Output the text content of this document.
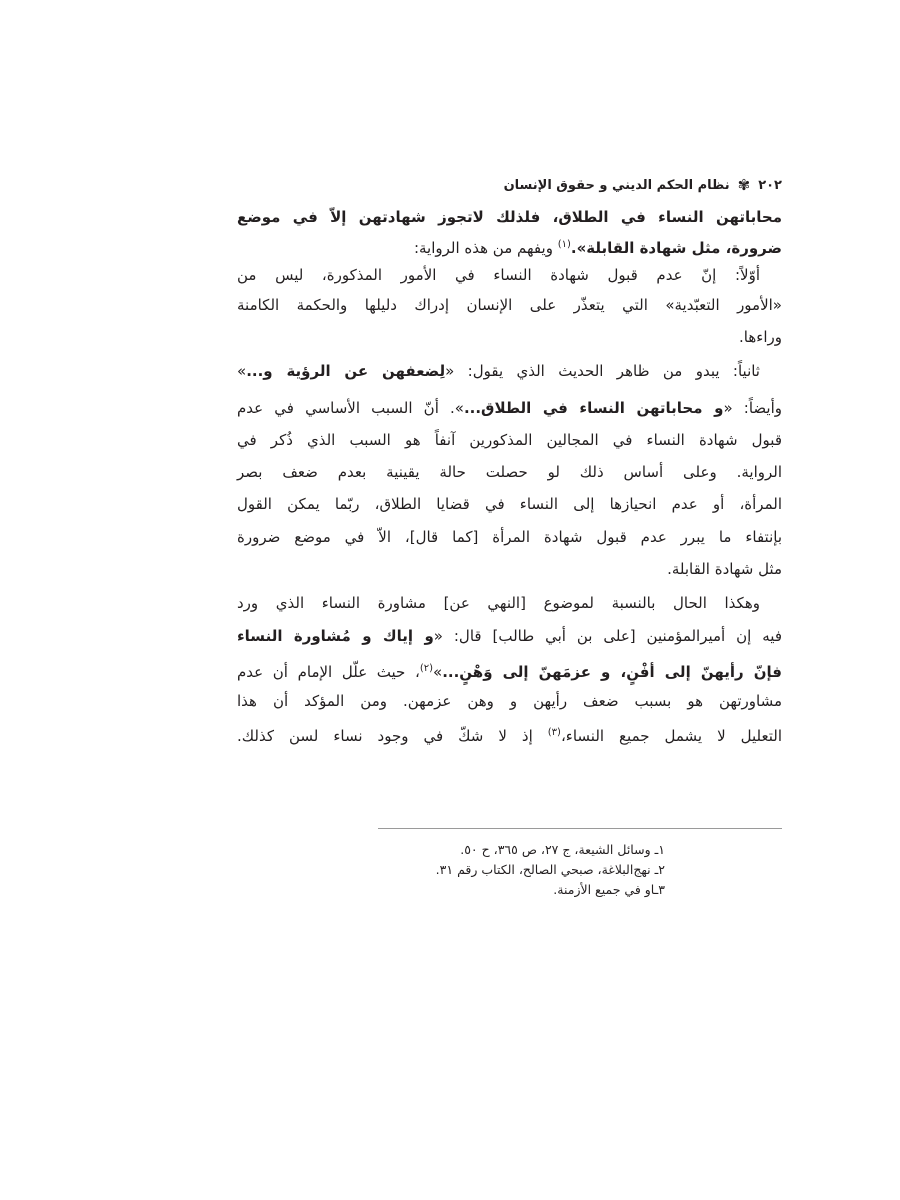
٢٠٢
✾
نظام الحكم الديني و حقوق الإنسان
محاباتهن النساء في الطلاق، فلذلك لاتجوز شهادتهن إلاّ في موضع
ضرورة، مثل شهادة القابلة».$^{(١)}$ ويفهم من هذه الرواية:
أوّلاً: إنّ عدم قبول شهادة النساء في الأمور المذكورة، ليس من
«الأمور التعبّدية» التي يتعذّر على الإنسان إدراك دليلها والحكمة الكامنة
وراءها.
ثانياً: يبدو من ظاهر الحديث الذي يقول: «لِضعفهن عن الرؤية و...»
وأيضاً: «و محاباتهن النساء في الطلاق...». أنّ السبب الأساسي في عدم
قبول شهادة النساء في المجالين المذكورين آنفاً هو السبب الذي ذُكر في
الرواية. وعلى أساس ذلك لو حصلت حالة يقينية بعدم ضعف بصر
المرأة، أو عدم انحيازها إلى النساء في قضايا الطلاق، ربّما يمكن القول
بإنتفاء ما يبرر عدم قبول شهادة المرأة [كما قال]، الاّ في موضع ضرورة
مثل شهادة القابلة.
وهكذا الحال بالنسبة لموضوع [النهي عن] مشاورة النساء الذي ورد
فيه إن أميرالمؤمنين [على بن أبي طالب] قال: «و إياك و مُشاورة النساء
فإنّ رأيهنّ إلى أفْنٍ، و عزمَهنّ إلى وَهْنٍ...»$^{(٢)}$، حيث علّل الإمام أن عدم
مشاورتهن هو بسبب ضعف رأيهن و وهن عزمهن. ومن المؤكد أن هذا
التعليل لا يشمل جميع النساء،$^{(٣)}$ إذ لا شكّ في وجود نساء لسن كذلك.
١ـ وسائل الشيعة، ج ٢٧، ص ٣٦٥، ح ٥٠.
٢ـ نهج‌البلاغة، صبحي الصالح، الكتاب رقم ٣١.
٣ـاو في جميع الأزمنة.
